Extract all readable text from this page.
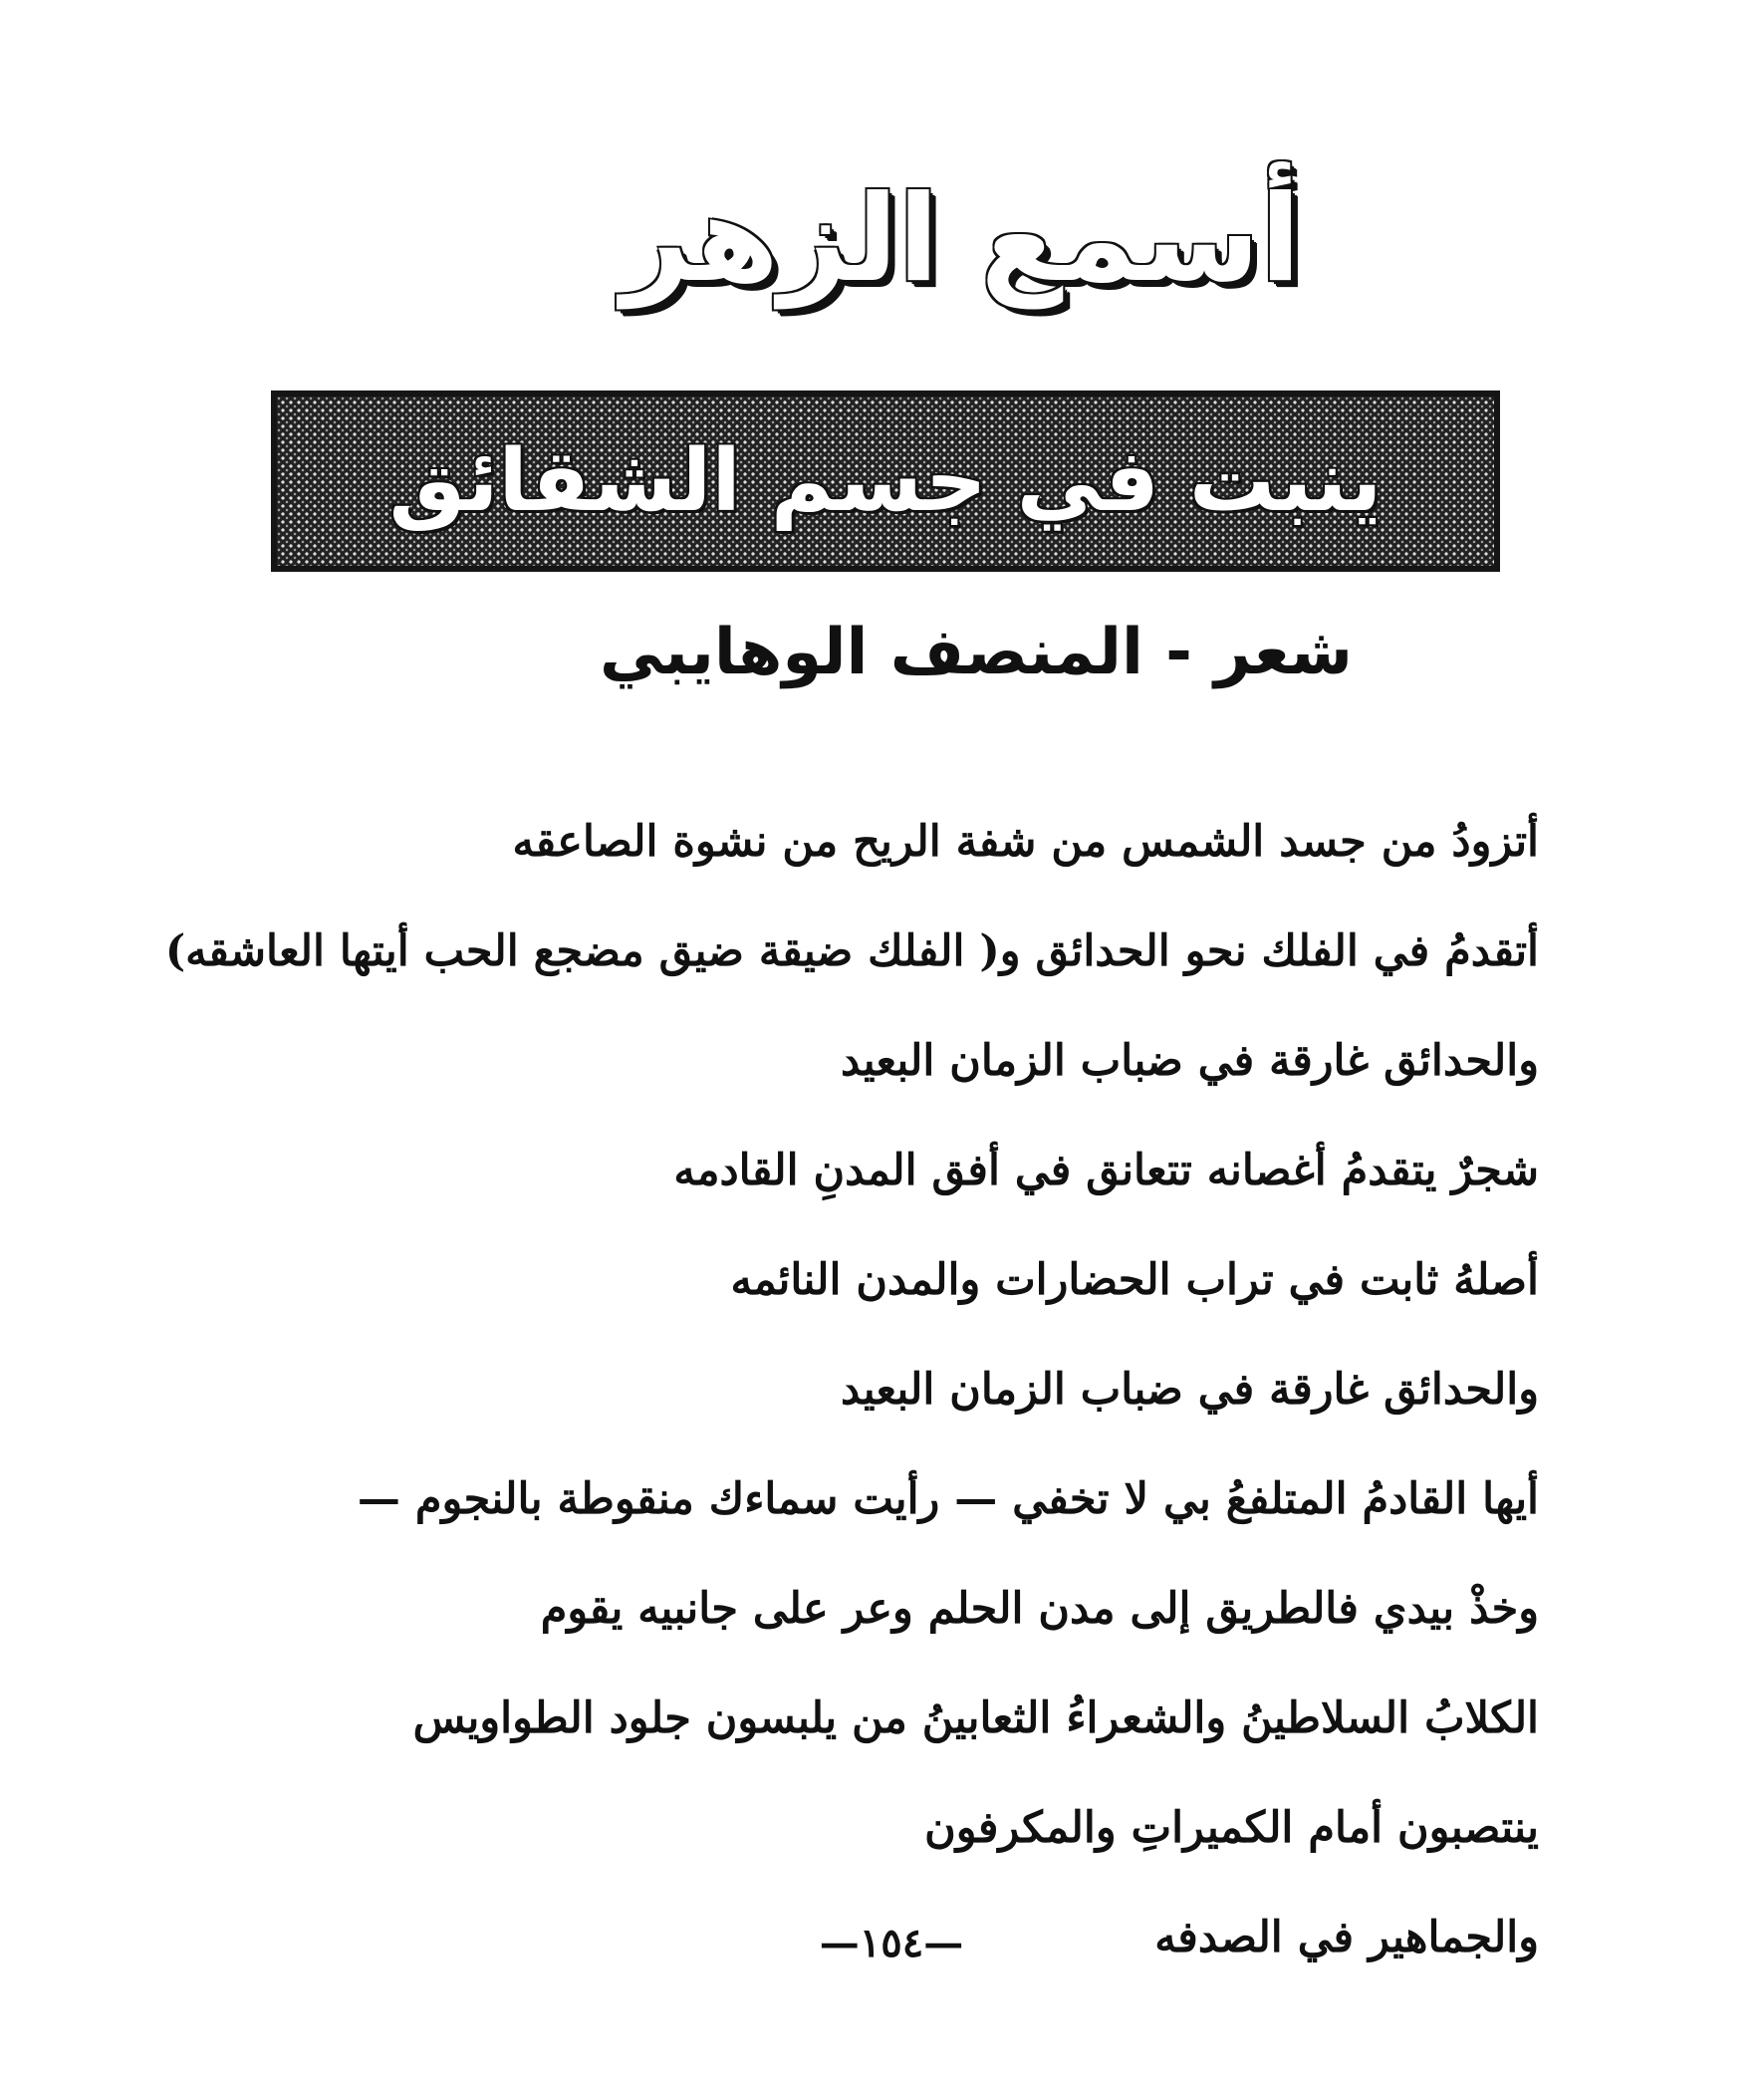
أسمع الزهر
ينبت في جسم الشقائق
شعر - المنصف الوهايبي
أتزودُ من جسد الشمس من شفة الريح من نشوة الصاعقه
أتقدمُ في الفلك نحو الحدائق و( الفلك ضيقة ضيق مضجع الحب أيتها العاشقه)
والحدائق غارقة في ضباب الزمان البعيد
شجرٌ يتقدمُ أغصانه تتعانق في أفق المدنِ القادمه
أصلهُ ثابت في تراب الحضارات والمدن النائمه
والحدائق غارقة في ضباب الزمان البعيد
أيها القادمُ المتلفعُ بي لا تخفي — رأيت سماءك منقوطة بالنجوم —
وخذْ بيدي فالطريق إلى مدن الحلم وعر على جانبيه يقوم
الكلابُ السلاطينُ والشعراءُ الثعابينُ من يلبسون جلود الطواويس
ينتصبون أمام الكميراتِ والمكرفون
والجماهير في الصدفه
—١٥٤—
